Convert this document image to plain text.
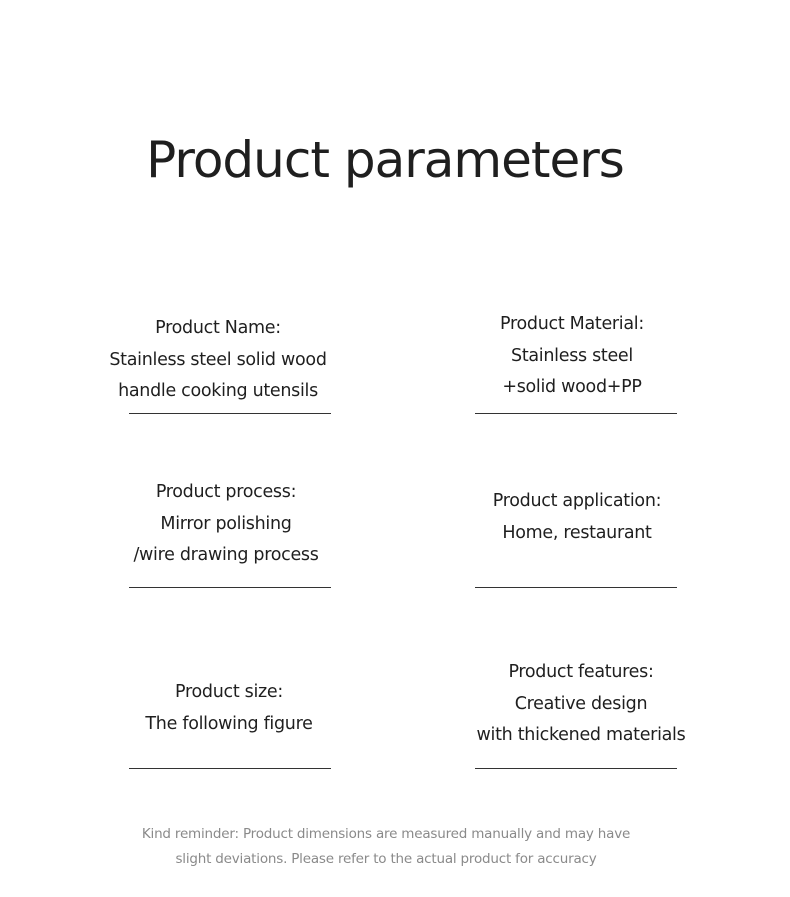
Product parameters
Product Name:
Stainless steel solid wood
handle cooking utensils
Product Material:
Stainless steel
+solid wood+PP
Product process:
Mirror polishing
/wire drawing process
Product application:
Home, restaurant
Product size:
The following figure
Product features:
Creative design
with thickened materials
Kind reminder: Product dimensions are measured manually and may have
slight deviations. Please refer to the actual product for accuracy
